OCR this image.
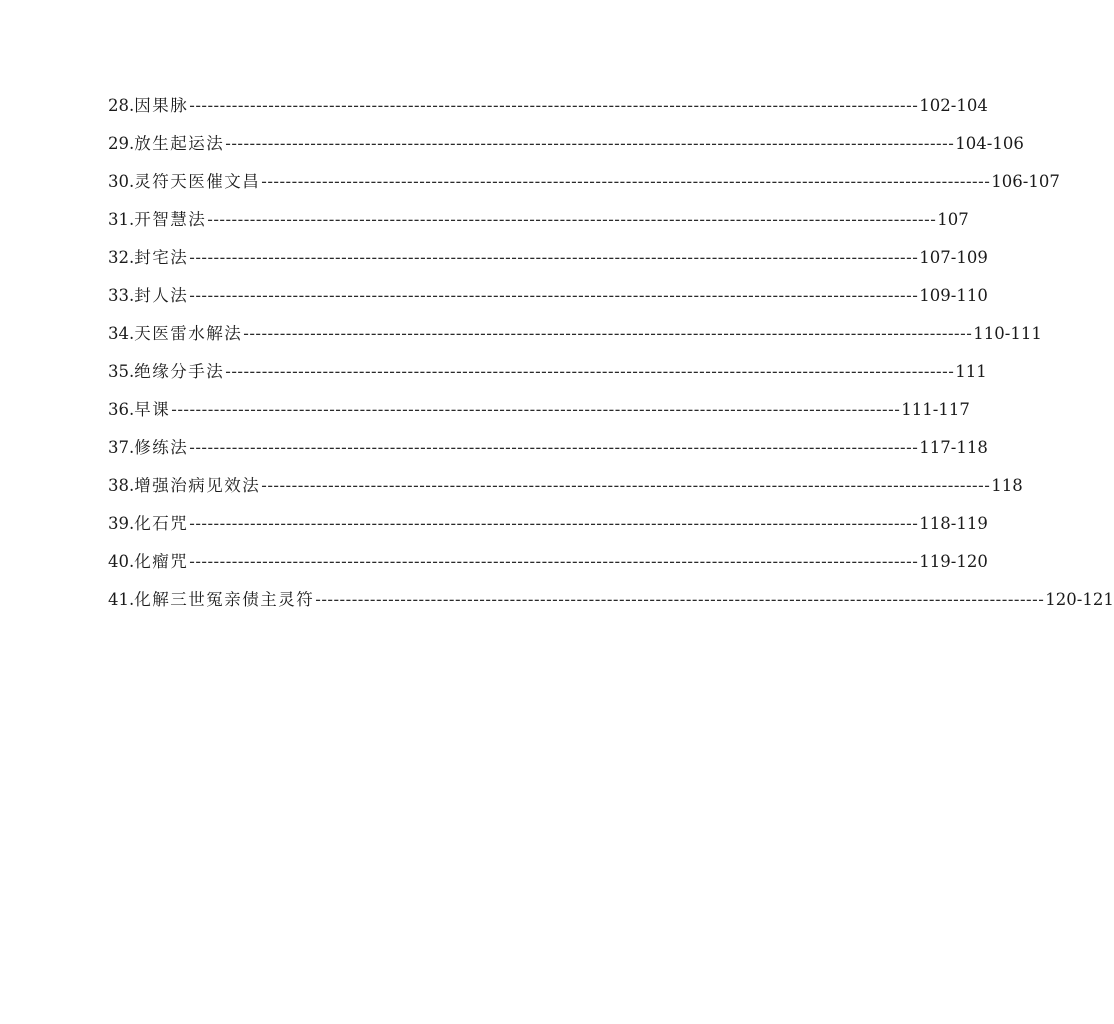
28. 因果脉 ------------------------------------------------------------------------------------------------------------------------ 102-104
29. 放生起运法 ------------------------------------------------------------------------------------------------------------------------ 104-106
30. 灵符天医催文昌 ------------------------------------------------------------------------------------------------------------------------ 106-107
31. 开智慧法 ------------------------------------------------------------------------------------------------------------------------ 107
32. 封宅法 ------------------------------------------------------------------------------------------------------------------------ 107-109
33. 封人法 ------------------------------------------------------------------------------------------------------------------------ 109-110
34. 天医雷水解法 ------------------------------------------------------------------------------------------------------------------------ 110-111
35. 绝缘分手法 ------------------------------------------------------------------------------------------------------------------------ 111
36. 早课 ------------------------------------------------------------------------------------------------------------------------ 111-117
37. 修练法 ------------------------------------------------------------------------------------------------------------------------ 117-118
38. 增强治病见效法 ------------------------------------------------------------------------------------------------------------------------ 118
39. 化石咒 ------------------------------------------------------------------------------------------------------------------------ 118-119
40. 化瘤咒 ------------------------------------------------------------------------------------------------------------------------ 119-120
41. 化解三世冤亲债主灵符 ------------------------------------------------------------------------------------------------------------------------ 120-121
